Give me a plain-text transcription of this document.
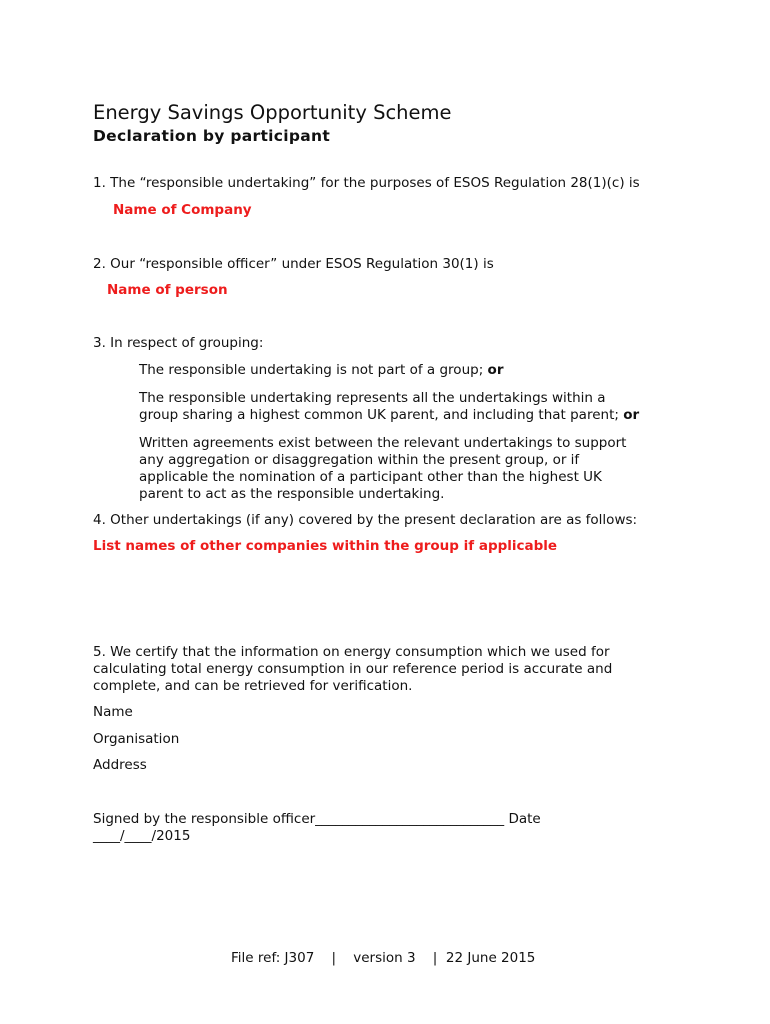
Energy Savings Opportunity Scheme
Declaration by participant
1. The “responsible undertaking” for the purposes of ESOS Regulation 28(1)(c) is
Name of Company
2. Our “responsible officer” under ESOS Regulation 30(1) is
Name of person
3. In respect of grouping:
The responsible undertaking is not part of a group; or
The responsible undertaking represents all the undertakings within a
group sharing a highest common UK parent, and including that parent; or
Written agreements exist between the relevant undertakings to support
any aggregation or disaggregation within the present group, or if
applicable the nomination of a participant other than the highest UK
parent to act as the responsible undertaking.
4. Other undertakings (if any) covered by the present declaration are as follows:
List names of other companies within the group if applicable
5. We certify that the information on energy consumption which we used for
calculating total energy consumption in our reference period is accurate and
complete, and can be retrieved for verification.
Name
Organisation
Address
Signed by the responsible officer____________________________ Date
____/____/2015
File ref: J307 | version 3 | 22 June 2015
